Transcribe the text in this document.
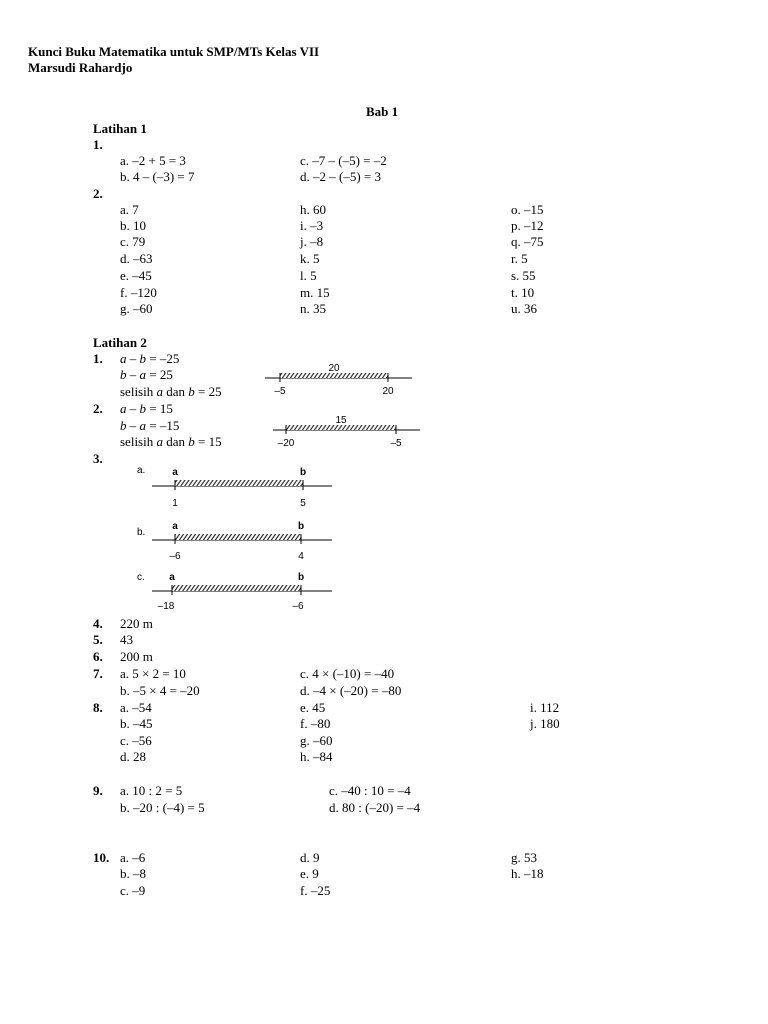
Kunci Buku Matematika untuk SMP/MTs Kelas VII
Marsudi Rahardjo
Bab 1
Latihan 1
1.
a. –2 + 5 = 3
b. 4 – (–3) = 7
c. –7 – (–5) = –2
d. –2 – (–5) = 3
2.
a. 7
b. 10
c. 79
d. –63
e. –45
f. –120
g. –60
h. 60
i. –3
j. –8
k. 5
l. 5
m. 15
n. 35
o. –15
p. –12
q. –75
r. 5
s. 55
t. 10
u. 36
Latihan 2
1. a – b = –25
b – a = 25
selisih a dan b = 25
20
–5	20
2. a – b = 15
b – a = –15
selisih a dan b = 15
15
–20	–5
3.
a.	a	b
1	5
b.
a	b
–6	4
c. a	b
–18	–6
4. 220 m
5. 43
6. 200 m
7. a. 5 × 2 = 10
b. –5 × 4 = –20
c. 4 × (–10) = –40
d. –4 × (–20) = –80
8. a. –54
b. –45
c. –56
d. 28
e. 45
f. –80
g. –60
h. –84
i. 112
j. 180
9. a. 10 : 2 = 5
b. –20 : (–4) = 5
c. –40 : 10 = –4
d. 80 : (–20) = –4
10. a. –6
b. –8
c. –9
d. 9
e. 9
f. –25
g. 53
h. –18
